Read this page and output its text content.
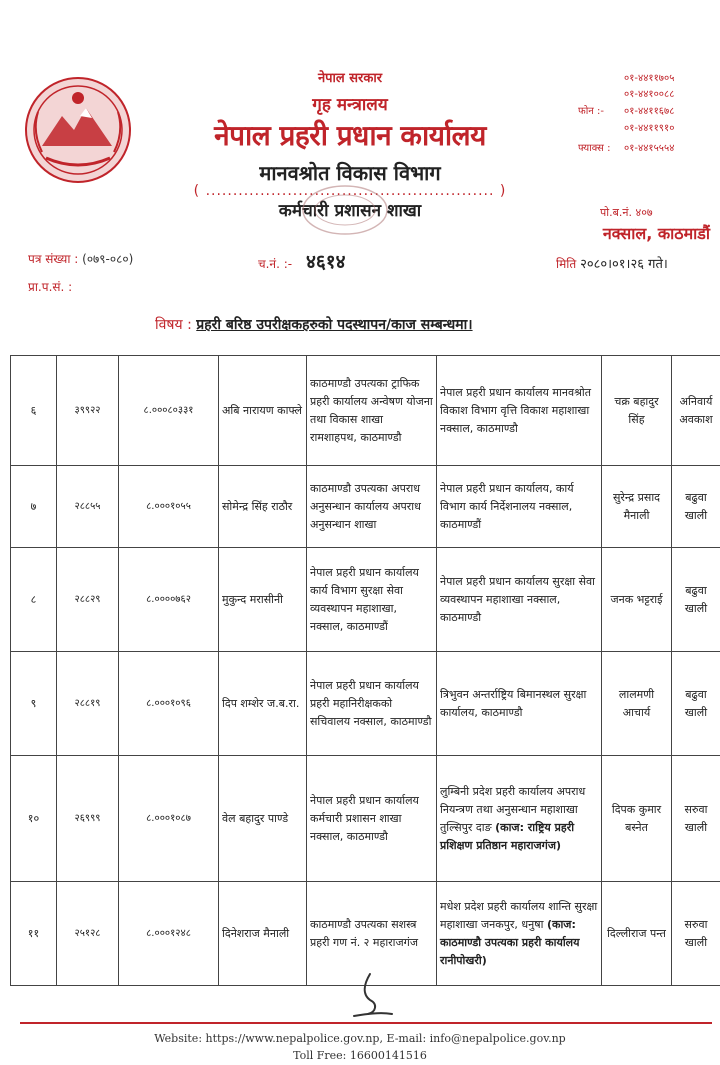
नेपाल सरकार
गृह मन्त्रालय
नेपाल प्रहरी प्रधान कार्यालय
मानवश्रोत विकास विभाग
( ..................................................... )
कर्मचारी प्रशासन शाखा
फोन :-
०१-४४११७०५
०१-४४१००८८
०१-४४११६७८
०१-४४११९१०
फ्याक्स : ०१-४४१५५५४
पो.ब.नं. ४०७
नक्साल, काठमाडौं
पत्र संख्या : (०७९-०८०)	च.नं. :- ४६१४	मिति २०८०।०१।२६ गते।
प्रा.प.सं. :
विषय : प्रहरी बरिष्ठ उपरीक्षकहरुको पदस्थापन/काज सम्बन्धमा।
६	३९९२२	८.०००८०३३१	अबि नारायण काफ्ले	काठमाण्डौ उपत्यका ट्राफिक प्रहरी कार्यालय अन्वेषण योजना तथा विकास शाखा रामशाहपथ, काठमाण्डौ	नेपाल प्रहरी प्रधान कार्यालय मानवश्रोत विकाश विभाग वृत्ति विकाश महाशाखा नक्साल, काठमाण्डौ	चक्र बहादुर सिंह	अनिवार्य अवकाश
७	२८८५५	८.०००१०५५	सोमेन्द्र सिंह राठौर	काठमाण्डौ उपत्यका अपराध अनुसन्धान कार्यालय अपराध अनुसन्धान शाखा	नेपाल प्रहरी प्रधान कार्यालय, कार्य विभाग कार्य निर्देशनालय नक्साल, काठमाण्डौं	सुरेन्द्र प्रसाद मैनाली	बढुवा खाली
८	२८८२९	८.००००७६२	मुकुन्द मरासीनी	नेपाल प्रहरी प्रधान कार्यालय कार्य विभाग सुरक्षा सेवा व्यवस्थापन महाशाखा, नक्साल, काठमाण्डौं	नेपाल प्रहरी प्रधान कार्यालय सुरक्षा सेवा व्यवस्थापन महाशाखा नक्साल, काठमाण्डौ	जनक भट्टराई	बढुवा खाली
९	२८८१९	८.०००१०९६	दिप शम्शेर ज.ब.रा.	नेपाल प्रहरी प्रधान कार्यालय प्रहरी महानिरीक्षकको सचिवालय नक्साल, काठमाण्डौ	त्रिभुवन अन्तर्राष्ट्रिय बिमानस्थल सुरक्षा कार्यालय, काठमाण्डौ	लालमणी आचार्य	बढुवा खाली
१०	२६९९९	८.०००१०८७	वेल बहादुर पाण्डे	नेपाल प्रहरी प्रधान कार्यालय कर्मचारी प्रशासन शाखा नक्साल, काठमाण्डौ	लुम्बिनी प्रदेश प्रहरी कार्यालय अपराध नियन्त्रण तथा अनुसन्धान महाशाखा तुल्सिपुर दाङ (काज: राष्ट्रिय प्रहरी प्रशिक्षण प्रतिष्ठान महाराजगंज)	दिपक कुमार बस्नेत	सरुवा खाली
११	२५१२८	८.०००१२४८	दिनेशराज मैनाली	काठमाण्डौ उपत्यका सशस्त्र प्रहरी गण नं. २ महाराजगंज	मधेश प्रदेश प्रहरी कार्यालय शान्ति सुरक्षा महाशाखा जनकपुर, धनुषा (काज: काठमाण्डौ उपत्यका प्रहरी कार्यालय रानीपोखरी)	दिल्लीराज पन्त	सरुवा खाली
Website: https://www.nepalpolice.gov.np, E-mail: info@nepalpolice.gov.np
Toll Free: 16600141516
